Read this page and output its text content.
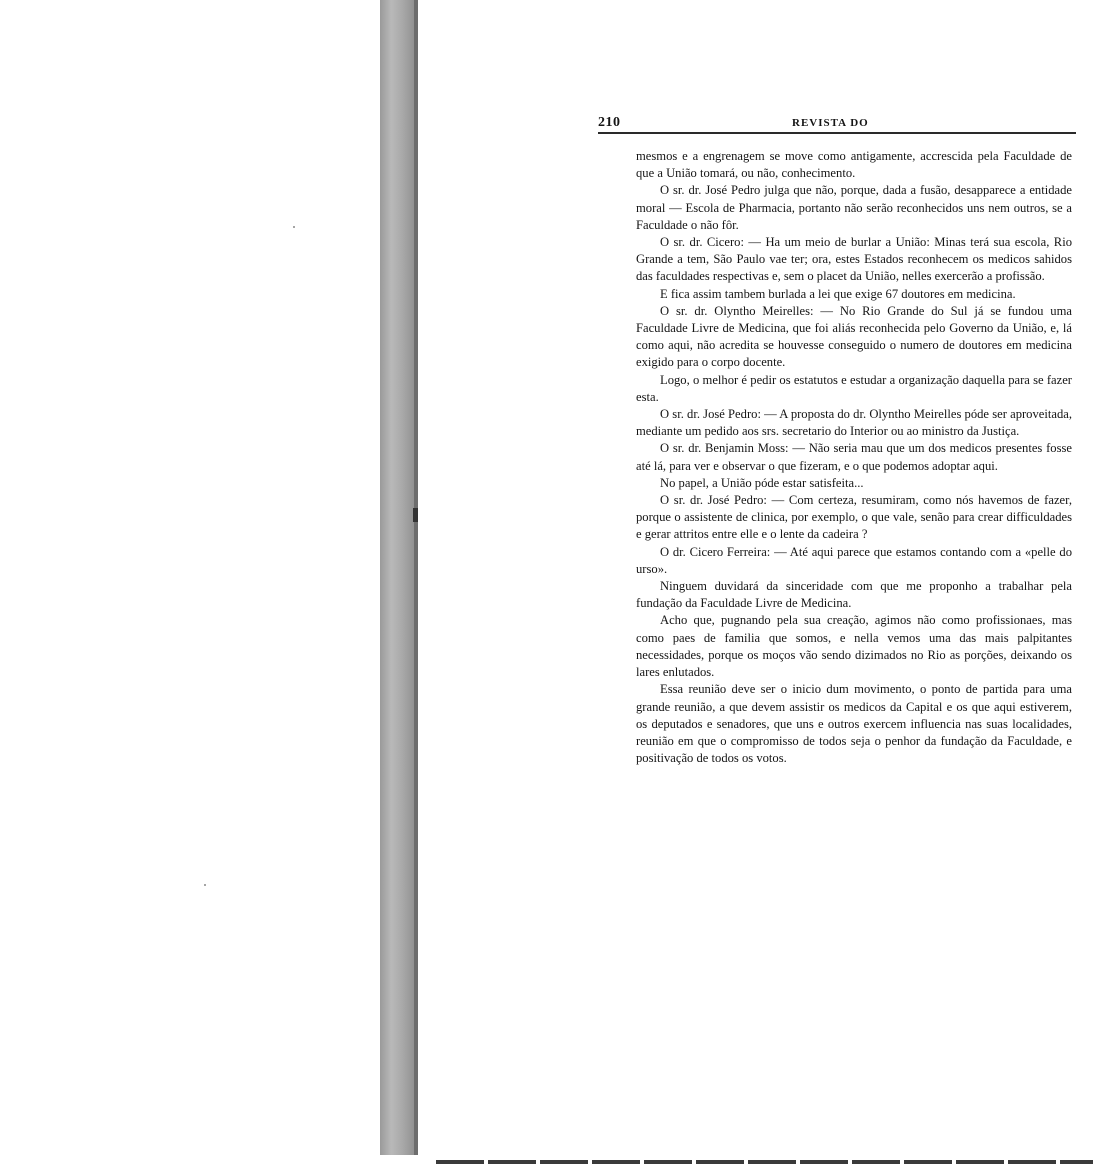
210	REVISTA DO

mesmos e a engrenagem se move como antigamente, accrescida pela Faculdade de que a União tomará, ou não, conhecimento.

O sr. dr. José Pedro julga que não, porque, dada a fusão, desapparece a entidade moral — Escola de Pharmacia, portanto não serão reconhecidos uns nem outros, se a Faculdade o não fôr.

O sr. dr. Cicero: — Ha um meio de burlar a União: Minas terá sua escola, Rio Grande a tem, São Paulo vae ter; ora, estes Estados reconhecem os medicos sahidos das faculdades respectivas e, sem o placet da União, nelles exercerão a profissão.

E fica assim tambem burlada a lei que exige 67 doutores em medicina.

O sr. dr. Olyntho Meirelles: — No Rio Grande do Sul já se fundou uma Faculdade Livre de Medicina, que foi aliás reconhecida pelo Governo da União, e, lá como aqui, não acredita se houvesse conseguido o numero de doutores em medicina exigido para o corpo docente.

Logo, o melhor é pedir os estatutos e estudar a organização daquella para se fazer esta.

O sr. dr. José Pedro: — A proposta do dr. Olyntho Meirelles póde ser aproveitada, mediante um pedido aos srs. secretario do Interior ou ao ministro da Justiça.

O sr. dr. Benjamin Moss: — Não seria mau que um dos medicos presentes fosse até lá, para ver e observar o que fizeram, e o que podemos adoptar aqui.

No papel, a União póde estar satisfeita...

O sr. dr. José Pedro: — Com certeza, resumiram, como nós havemos de fazer, porque o assistente de clinica, por exemplo, o que vale, senão para crear difficuldades e gerar attritos entre elle e o lente da cadeira ?

O dr. Cicero Ferreira: — Até aqui parece que estamos contando com a «pelle do urso».

Ninguem duvidará da sinceridade com que me proponho a trabalhar pela fundação da Faculdade Livre de Medicina.

Acho que, pugnando pela sua creação, agimos não como profissionaes, mas como paes de familia que somos, e nella vemos uma das mais palpitantes necessidades, porque os moços vão sendo dizimados no Rio as porções, deixando os lares enlutados.

Essa reunião deve ser o inicio dum movimento, o ponto de partida para uma grande reunião, a que devem assistir os medicos da Capital e os que aqui estiverem, os deputados e senadores, que uns e outros exercem influencia nas suas localidades, reunião em que o compromisso de todos seja o penhor da fundação da Faculdade, e positivação de todos os votos.
